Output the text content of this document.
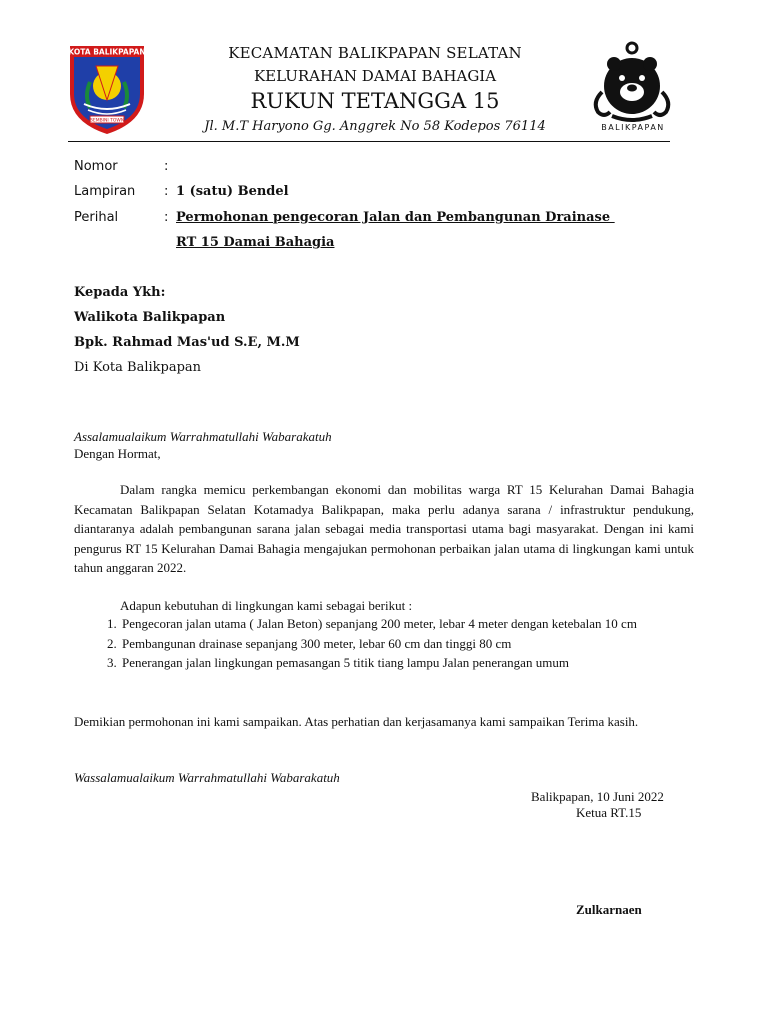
KOTA BALIKPAPAN
BEMBINI TOWN
BALIKPAPAN
KECAMATAN BALIKPAPAN SELATAN
KELURAHAN DAMAI BAHAGIA
RUKUN TETANGGA 15
Jl. M.T Haryono Gg. Anggrek No 58 Kodepos 76114
Nomor	:
Lampiran	: 1 (satu) Bendel
Perihal	: Permohonan pengecoran Jalan dan Pembangunan Drainase
RT 15 Damai Bahagia
Kepada Ykh:
Walikota Balikpapan
Bpk. Rahmad Mas'ud S.E, M.M
Di Kota Balikpapan
Assalamualaikum Warrahmatullahi Wabarakatuh
Dengan Hormat,
Dalam rangka memicu perkembangan ekonomi dan mobilitas warga RT 15 Kelurahan Damai Bahagia Kecamatan Balikpapan Selatan Kotamadya Balikpapan, maka perlu adanya sarana / infrastruktur pendukung, diantaranya adalah pembangunan sarana jalan sebagai media transportasi utama bagi masyarakat. Dengan ini kami pengurus RT 15 Kelurahan Damai Bahagia mengajukan permohonan perbaikan jalan utama di lingkungan kami untuk tahun anggaran 2022.
Adapun kebutuhan di lingkungan kami sebagai berikut :
1. Pengecoran jalan utama ( Jalan Beton) sepanjang 200 meter, lebar 4 meter dengan ketebalan 10 cm
2. Pembangunan drainase sepanjang 300 meter, lebar 60 cm dan tinggi 80 cm
3. Penerangan jalan lingkungan pemasangan 5 titik tiang lampu Jalan penerangan umum
Demikian permohonan ini kami sampaikan. Atas perhatian dan kerjasamanya kami sampaikan Terima kasih.
Wassalamualaikum Warrahmatullahi Wabarakatuh
Balikpapan, 10 Juni 2022
Ketua RT.15
Zulkarnaen
